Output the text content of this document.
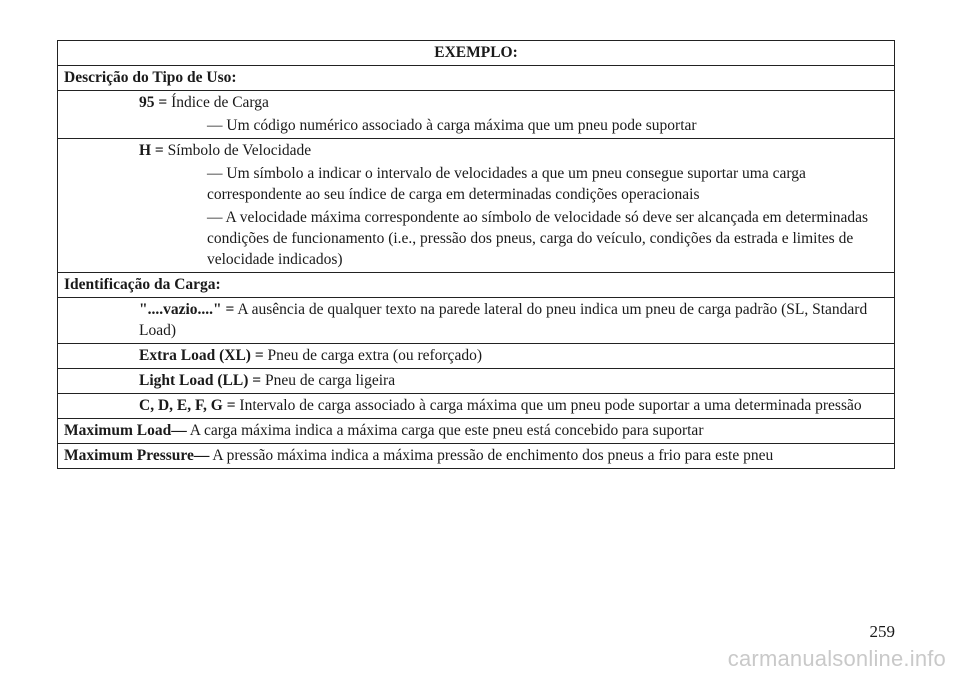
EXEMPLO:
Descrição do Tipo de Uso:

95 = Índice de Carga
— Um código numérico associado à carga máxima que um pneu pode suportar

H = Símbolo de Velocidade
— Um símbolo a indicar o intervalo de velocidades a que um pneu consegue suportar uma carga correspondente ao seu índice de carga em determinadas condições operacionais
— A velocidade máxima correspondente ao símbolo de velocidade só deve ser alcançada em determinadas condições de funcionamento (i.e., pressão dos pneus, carga do veículo, condições da estrada e limites de velocidade indicados)

Identificação da Carga:

"....vazio...." = A ausência de qualquer texto na parede lateral do pneu indica um pneu de carga padrão (SL, Standard Load)

Extra Load (XL) = Pneu de carga extra (ou reforçado)

Light Load (LL) = Pneu de carga ligeira

C, D, E, F, G = Intervalo de carga associado à carga máxima que um pneu pode suportar a uma determinada pressão

Maximum Load— A carga máxima indica a máxima carga que este pneu está concebido para suportar
Maximum Pressure— A pressão máxima indica a máxima pressão de enchimento dos pneus a frio para este pneu
259
carmanualsonline.info
